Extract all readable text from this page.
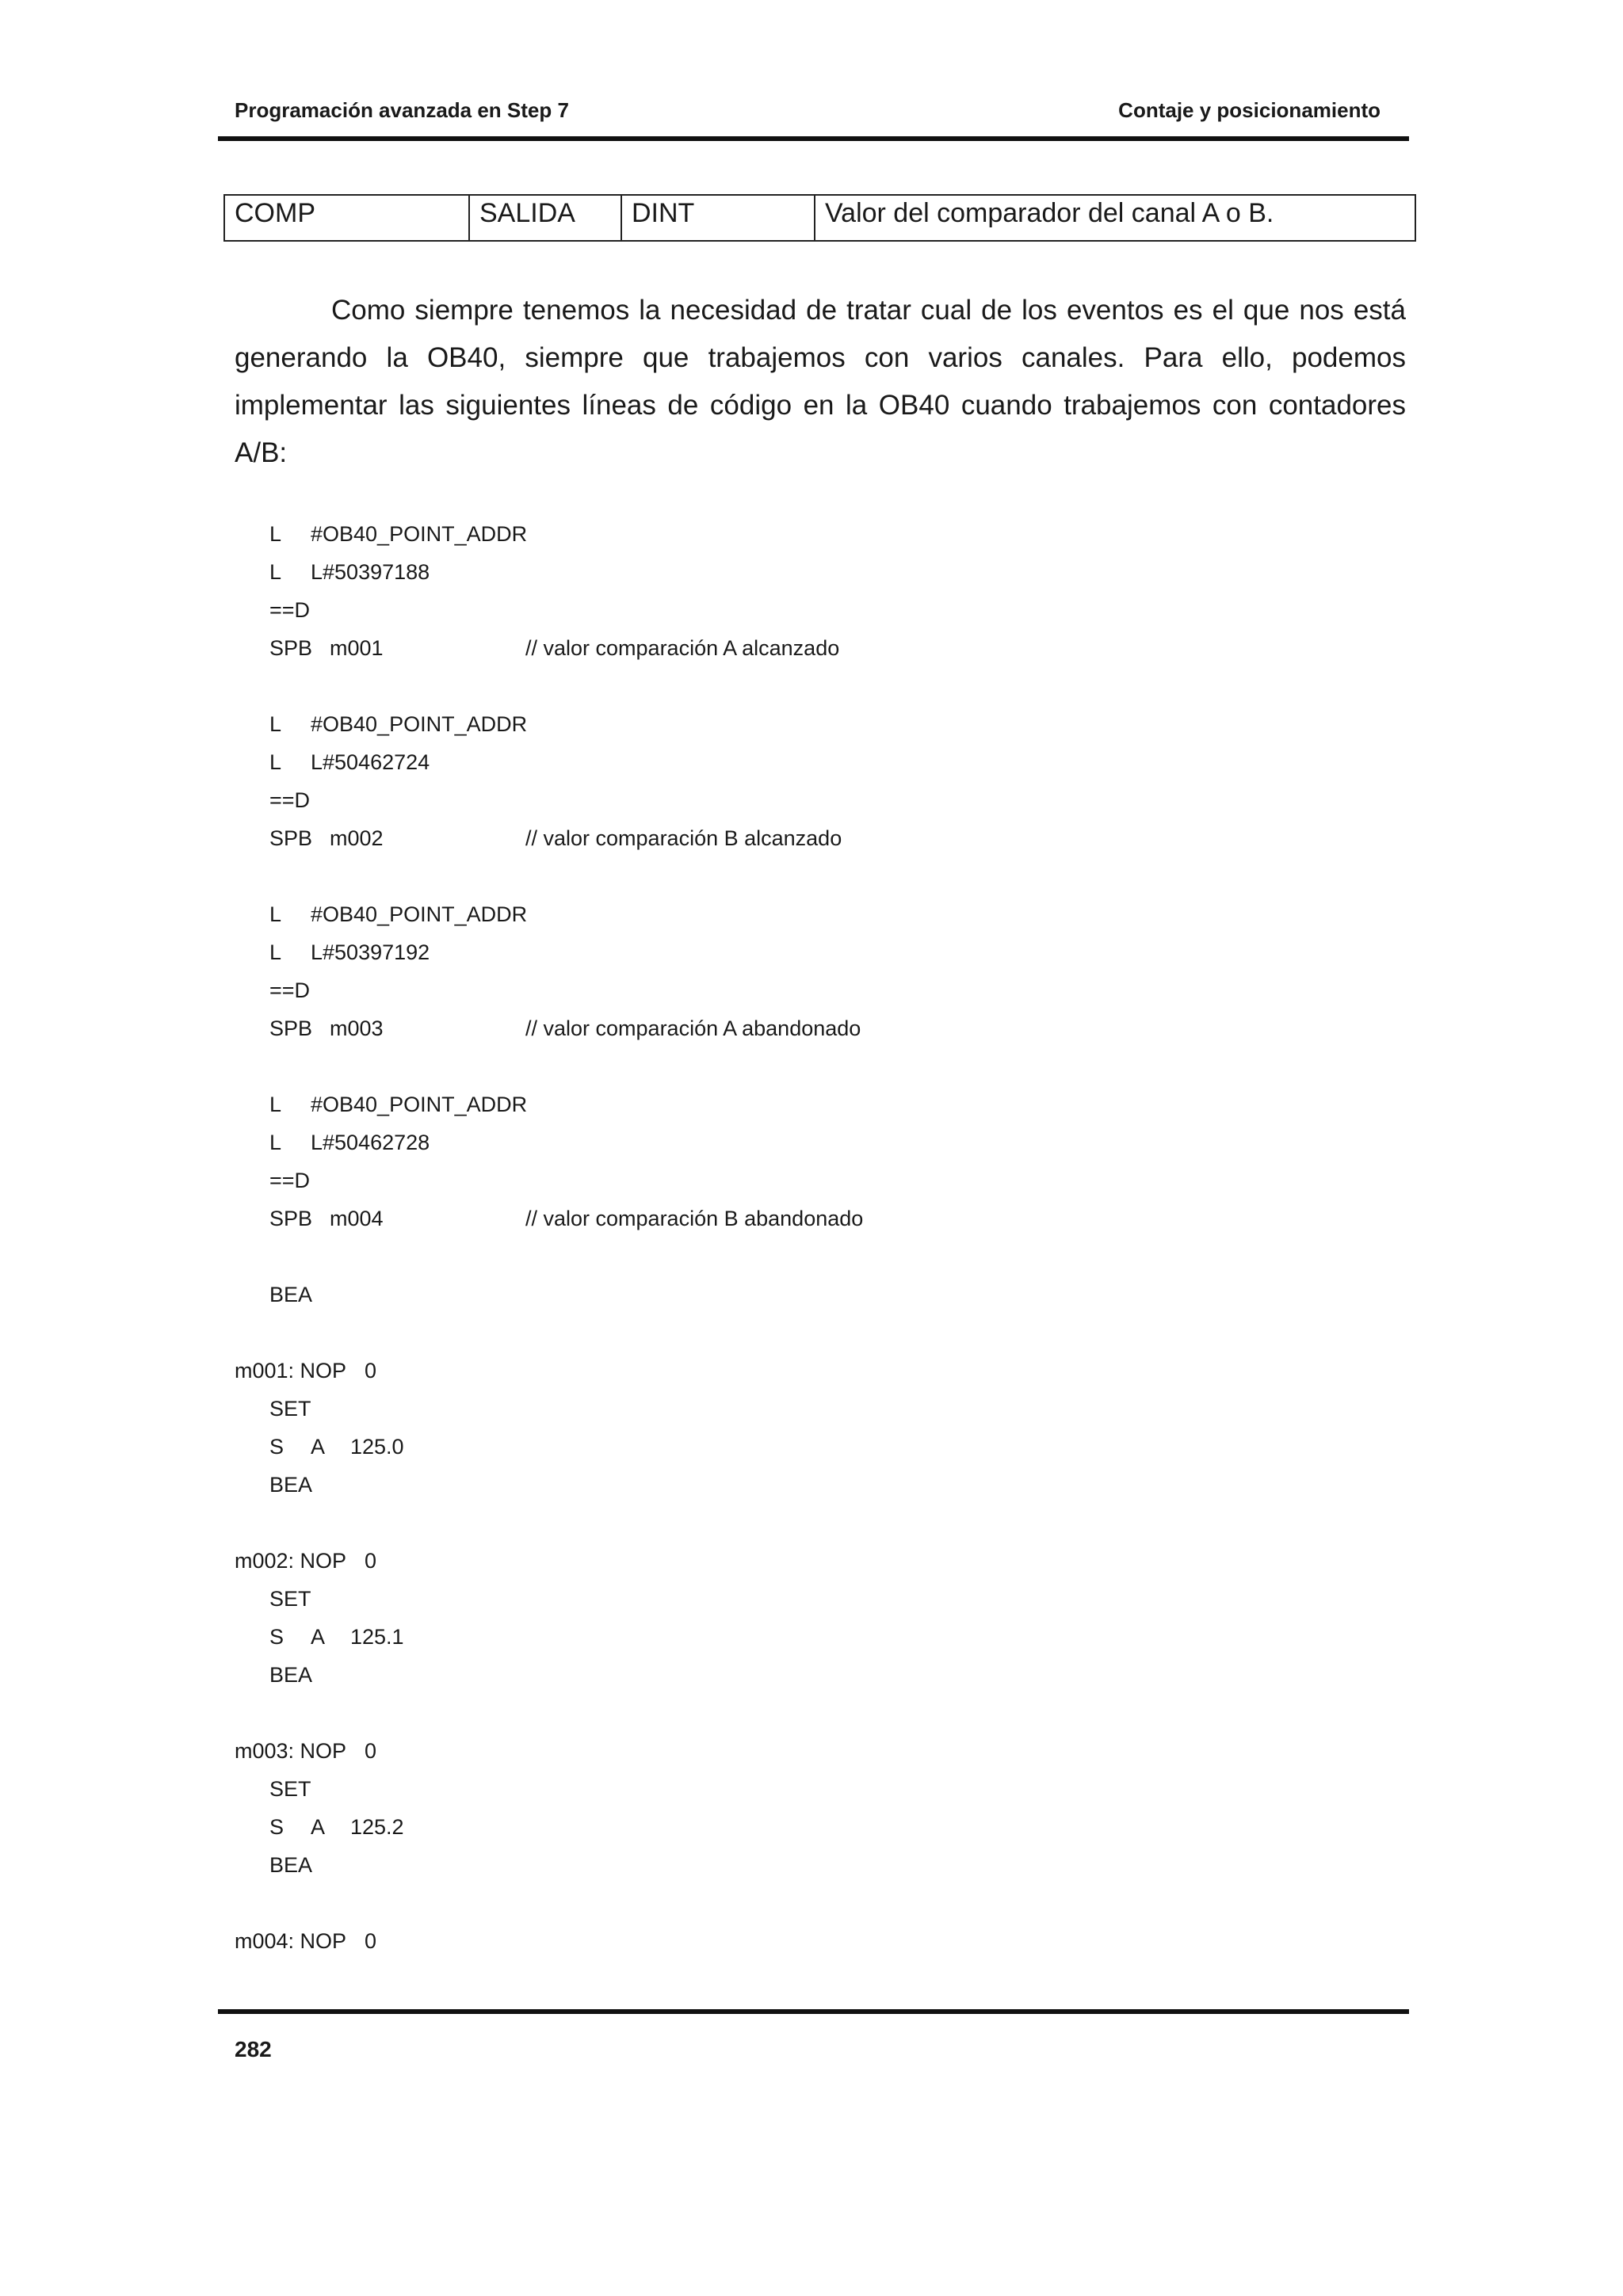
Programación avanzada en Step 7	Contaje y posicionamiento
COMP	SALIDA	DINT	Valor del comparador del canal A o B.

Como siempre tenemos la necesidad de tratar cual de los eventos es el que nos está generando la OB40, siempre que trabajemos con varios canales. Para ello, podemos implementar las siguientes líneas de código en la OB40 cuando trabajemos con contadores A/B:

L #OB40_POINT_ADDR
L L#50397188
==D
SPB m001	// valor comparación A alcanzado
L #OB40_POINT_ADDR
L L#50462724
==D
SPB m002	// valor comparación B alcanzado
L #OB40_POINT_ADDR
L L#50397192
==D
SPB m003	// valor comparación A abandonado
L #OB40_POINT_ADDR
L L#50462728
==D
SPB m004	// valor comparación B abandonado
BEA
m001: NOP 0
SET
S A 125.0
BEA
m002: NOP 0
SET
S A 125.1
BEA
m003: NOP 0
SET
S A 125.2
BEA
m004: NOP 0
282
